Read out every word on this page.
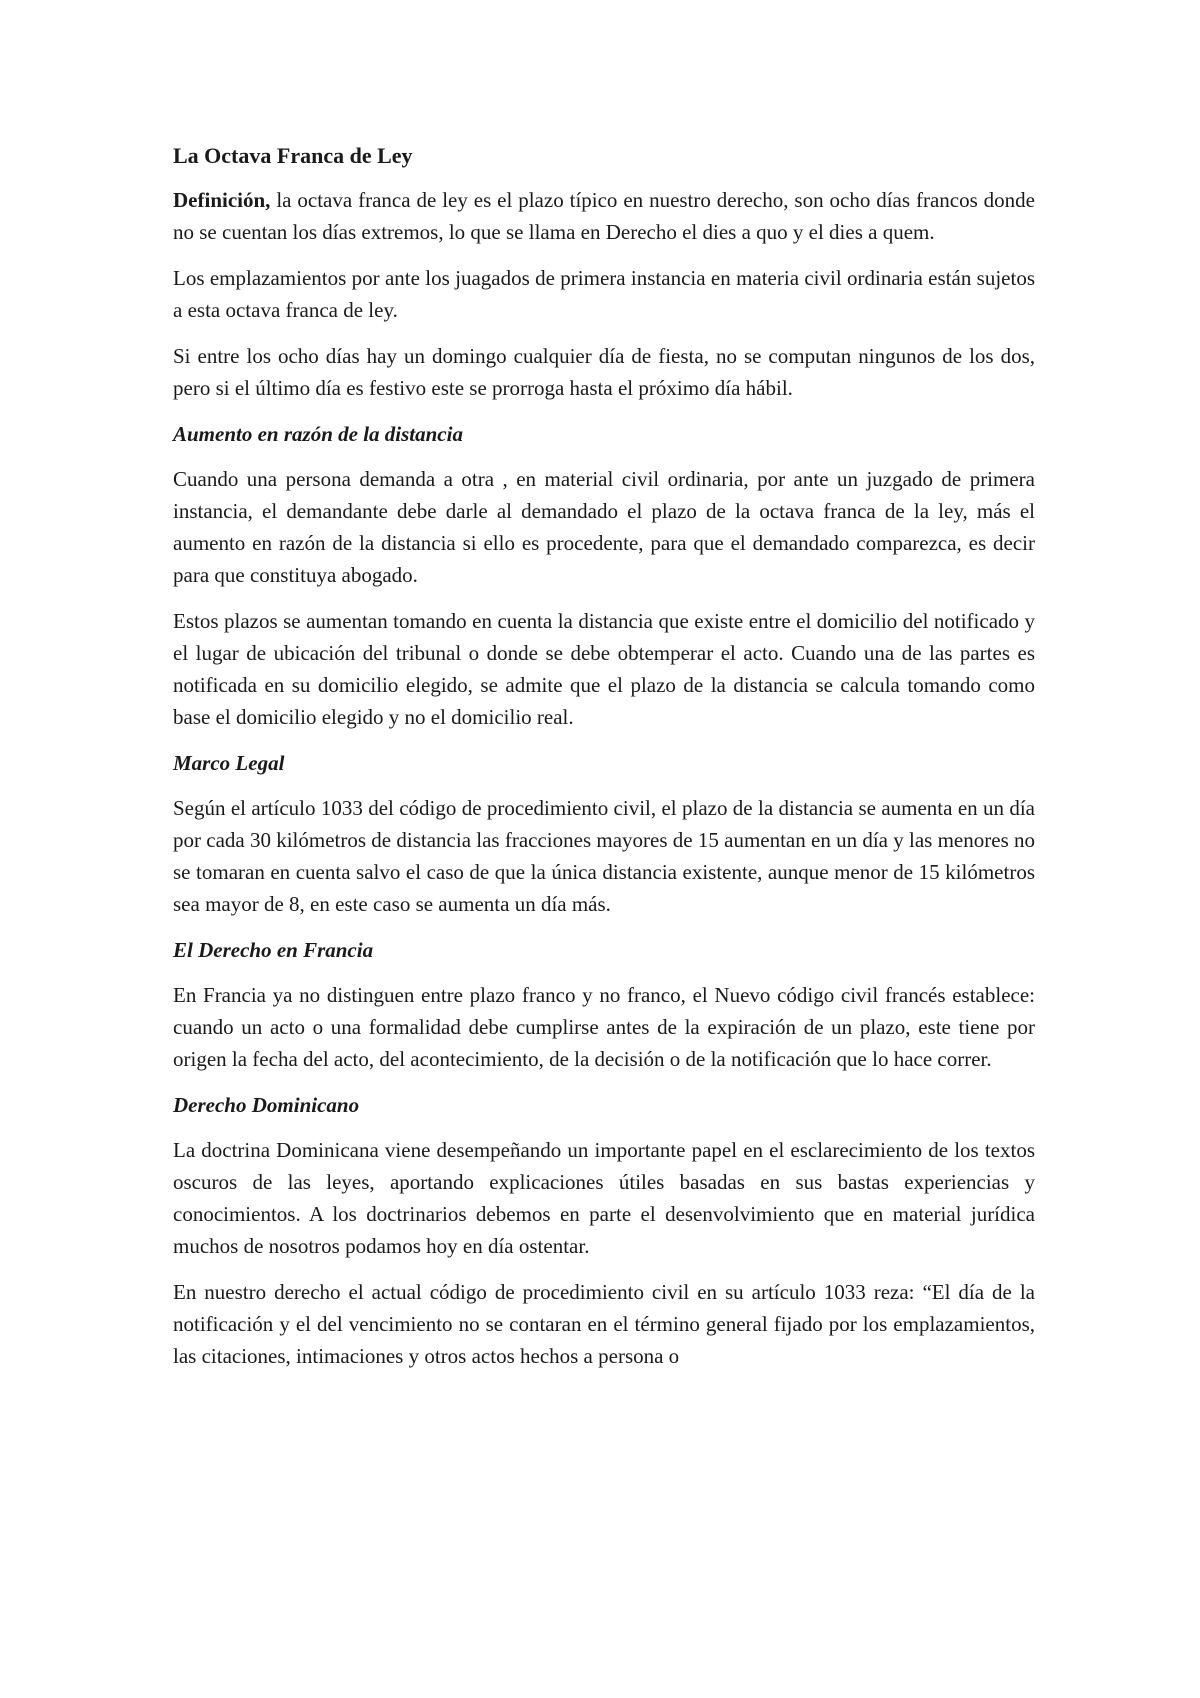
La Octava Franca de Ley

Definición, la octava franca de ley es el plazo típico en nuestro derecho, son ocho días francos donde no se cuentan los días extremos, lo que se llama en Derecho el dies a quo y el dies a quem.

Los emplazamientos por ante los juagados de primera instancia en materia civil ordinaria están sujetos a esta octava franca de ley.

Si entre los ocho días hay un domingo cualquier día de fiesta, no se computan ningunos de los dos, pero si el último día es festivo este se prorroga hasta el próximo día hábil.

Aumento en razón de la distancia

Cuando una persona demanda a otra , en material civil ordinaria, por ante un juzgado de primera instancia, el demandante debe darle al demandado el plazo de la octava franca de la ley, más el aumento en razón de la distancia si ello es procedente, para que el demandado comparezca, es decir para que constituya abogado.

Estos plazos se aumentan tomando en cuenta la distancia que existe entre el domicilio del notificado y el lugar de ubicación del tribunal o donde se debe obtemperar el acto. Cuando una de las partes es notificada en su domicilio elegido, se admite que el plazo de la distancia se calcula tomando como base el domicilio elegido y no el domicilio real.

Marco Legal

Según el artículo 1033 del código de procedimiento civil, el plazo de la distancia se aumenta en un día por cada 30 kilómetros de distancia las fracciones mayores de 15 aumentan en un día y las menores no se tomaran en cuenta salvo el caso de que la única distancia existente, aunque menor de 15 kilómetros sea mayor de 8, en este caso se aumenta un día más.

El Derecho en Francia

En Francia ya no distinguen entre plazo franco y no franco, el Nuevo código civil francés establece: cuando un acto o una formalidad debe cumplirse antes de la expiración de un plazo, este tiene por origen la fecha del acto, del acontecimiento, de la decisión o de la notificación que lo hace correr.

Derecho Dominicano

La doctrina Dominicana viene desempeñando un importante papel en el esclarecimiento de los textos oscuros de las leyes, aportando explicaciones útiles basadas en sus bastas experiencias y conocimientos. A los doctrinarios debemos en parte el desenvolvimiento que en material jurídica muchos de nosotros podamos hoy en día ostentar.

En nuestro derecho el actual código de procedimiento civil en su artículo 1033 reza: “El día de la notificación y el del vencimiento no se contaran en el término general fijado por los emplazamientos, las citaciones, intimaciones y otros actos hechos a persona o
